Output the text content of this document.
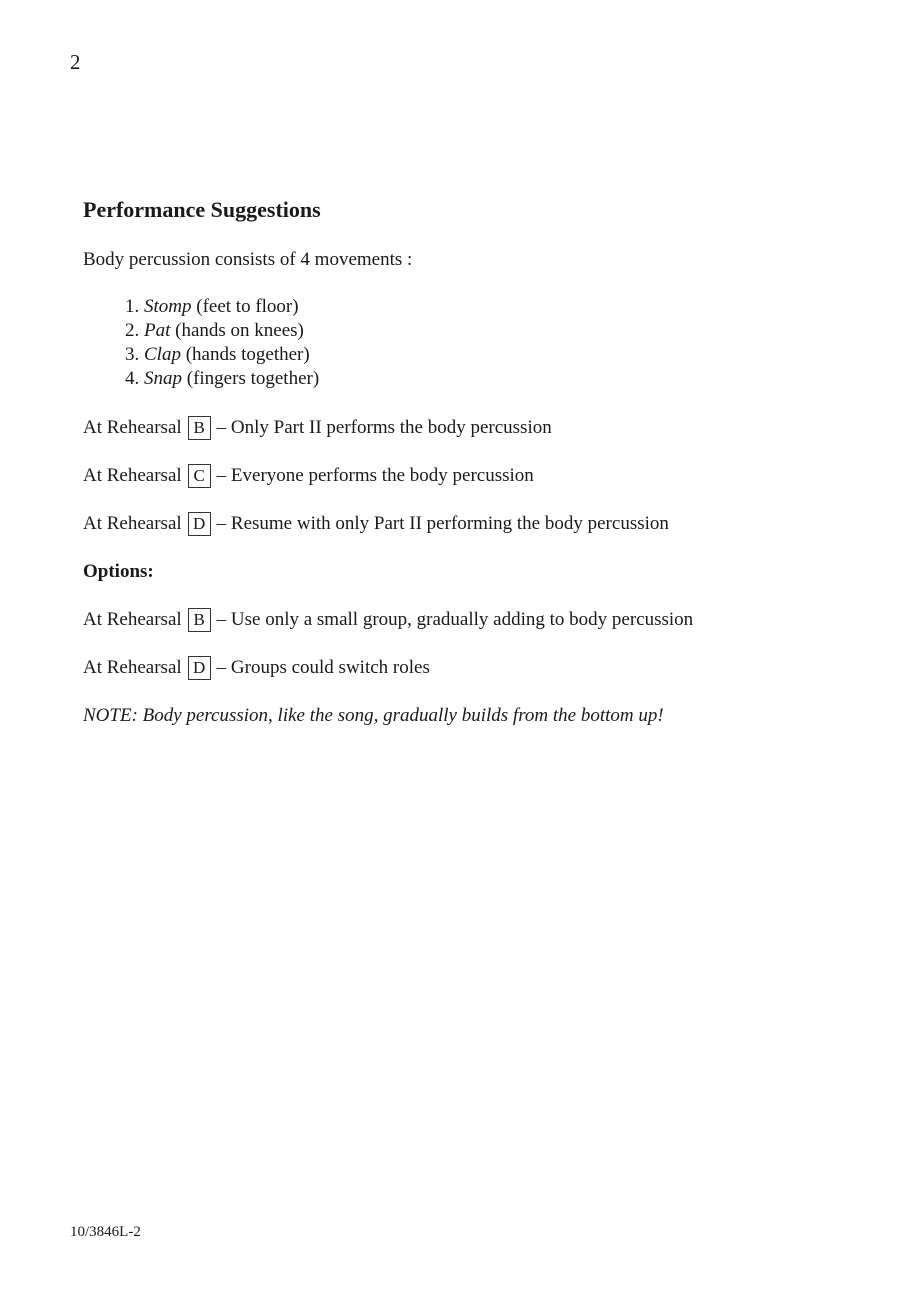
2
Performance Suggestions
Body percussion consists of 4 movements :
1. Stomp (feet to floor)
2. Pat (hands on knees)
3. Clap (hands together)
4. Snap (fingers together)
At Rehearsal B – Only Part II performs the body percussion
At Rehearsal C – Everyone performs the body percussion
At Rehearsal D – Resume with only Part II performing the body percussion
Options:
At Rehearsal B – Use only a small group, gradually adding to body percussion
At Rehearsal D – Groups could switch roles
NOTE: Body percussion, like the song, gradually builds from the bottom up!
10/3846L-2
